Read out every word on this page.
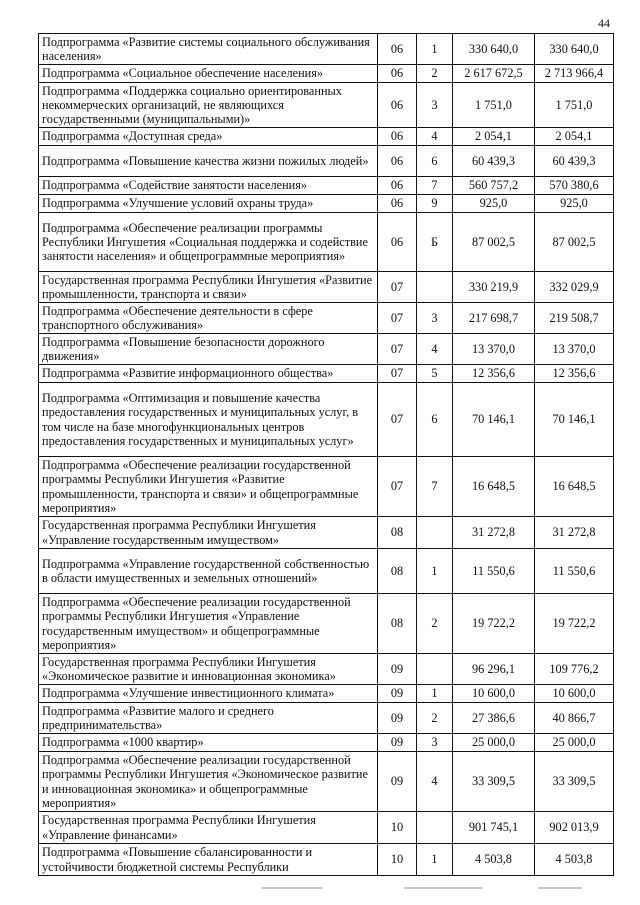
44
Подпрограмма «Развитие системы социального обслуживания населения»	06	1	330 640,0	330 640,0
Подпрограмма «Социальное обеспечение населения»	06	2	2 617 672,5	2 713 966,4
Подпрограмма «Поддержка социально ориентированных некоммерческих организаций, не являющихся государственными (муниципальными)»	06	3	1 751,0	1 751,0
Подпрограмма «Доступная среда»	06	4	2 054,1	2 054,1
Подпрограмма «Повышение качества жизни пожилых людей»	06	6	60 439,3	60 439,3
Подпрограмма «Содействие занятости населения»	06	7	560 757,2	570 380,6
Подпрограмма «Улучшение условий охраны труда»	06	9	925,0	925,0
Подпрограмма «Обеспечение реализации программы Республики Ингушетия «Социальная поддержка и содействие занятости населения» и общепрограммные мероприятия»	06	Б	87 002,5	87 002,5
Государственная программа Республики Ингушетия «Развитие промышленности, транспорта и связи»	07		330 219,9	332 029,9
Подпрограмма «Обеспечение деятельности в сфере транспортного обслуживания»	07	3	217 698,7	219 508,7
Подпрограмма «Повышение безопасности дорожного движения»	07	4	13 370,0	13 370,0
Подпрограмма «Развитие информационного общества»	07	5	12 356,6	12 356,6
Подпрограмма «Оптимизация и повышение качества предоставления государственных и муниципальных услуг, в том числе на базе многофункциональных центров предоставления государственных и муниципальных услуг»	07	6	70 146,1	70 146,1
Подпрограмма «Обеспечение реализации государственной программы Республики Ингушетия «Развитие промышленности, транспорта и связи» и общепрограммные мероприятия»	07	7	16 648,5	16 648,5
Государственная программа Республики Ингушетия «Управление государственным имуществом»	08		31 272,8	31 272,8
Подпрограмма «Управление государственной собственностью в области имущественных и земельных отношений»	08	1	11 550,6	11 550,6
Подпрограмма «Обеспечение реализации государственной программы Республики Ингушетия «Управление государственным имуществом» и общепрограммные мероприятия»	08	2	19 722,2	19 722,2
Государственная программа Республики Ингушетия «Экономическое развитие и инновационная экономика»	09		96 296,1	109 776,2
Подпрограмма «Улучшение инвестиционного климата»	09	1	10 600,0	10 600,0
Подпрограмма «Развитие малого и среднего предпринимательства»	09	2	27 386,6	40 866,7
Подпрограмма «1000 квартир»	09	3	25 000,0	25 000,0
Подпрограмма «Обеспечение реализации государственной программы Республики Ингушетия «Экономическое развитие и инновационная экономика» и общепрограммные мероприятия»	09	4	33 309,5	33 309,5
Государственная программа Республики Ингушетия «Управление финансами»	10		901 745,1	902 013,9
Подпрограмма «Повышение сбалансированности и устойчивости бюджетной системы Республики	10	1	4 503,8	4 503,8
